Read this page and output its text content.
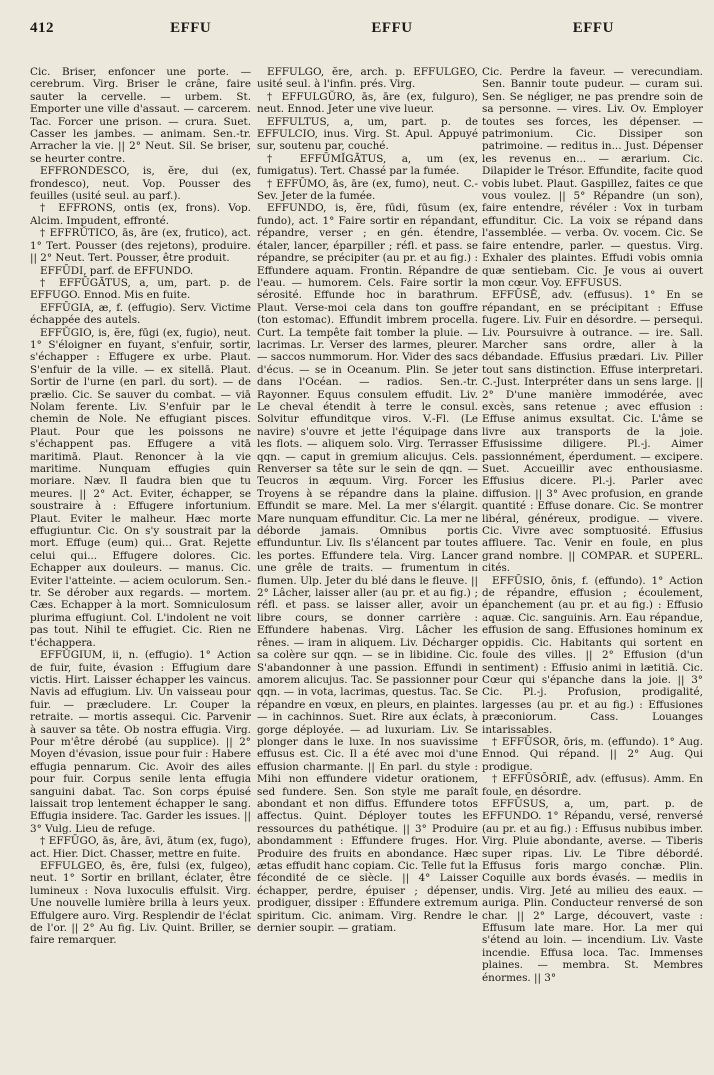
412	EFFU	EFFU	EFFU

Cic. Briser, enfoncer une porte. — cerebrum. Virg. Briser le crâne, faire sauter la cervelle. — urbem. St. Emporter une ville d'assaut. — carcerem. Tac. Forcer une prison. — crura. Suet. Casser les jambes. — animam. Sen.-tr. Arracher la vie. || 2° Neut. Sil. Se briser, se heurter contre.

EFFRONDESCO, is, ĕre, dui (ex, frondesco), neut. Vop. Pousser des feuilles (usité seul. au parf.).

† EFFRONS, ontis (ex, frons). Vop. Alcim. Impudent, effronté.

† EFFRŬTICO, ās, āre (ex, frutico), act. 1° Tert. Pousser (des rejetons), produire. || 2° Neut. Tert. Pousser, être produit.

EFFŪDI, parf. de EFFUNDO.

† EFFŪGĀTUS, a, um, part. p. de EFFUGO. Ennod. Mis en fuite.

EFFŪGIA, æ, f. (effugio). Serv. Victime échappée des autels.

EFFŬGIO, is, ĕre, fūgi (ex, fugio), neut. 1° S'éloigner en fuyant, s'enfuir, sortir, s'échapper : Effugere ex urbe. Plaut. S'enfuir de la ville. — ex sitellā. Plaut. Sortir de l'urne (en parl. du sort). — de prælio. Cic. Se sauver du combat. — viā Nolam ferente. Liv. S'enfuir par le chemin de Nole. Ne effugiant pisces. Plaut. Pour que les poissons ne s'échappent pas. Effugere a vitā maritimā. Plaut. Renoncer à la vie maritime. Nunquam effugies quin moriare. Næv. Il faudra bien que tu meures. || 2° Act. Eviter, échapper, se soustraire à : Effugere infortunium. Plaut. Eviter le malheur. Hæc morte effugiuntur. Cic. On s'y soustrait par la mort. Effuge (eum) qui... Grat. Rejette celui qui... Effugere dolores. Cic. Echapper aux douleurs. — manus. Cic. Eviter l'atteinte. — aciem oculorum. Sen.-tr. Se dérober aux regards. — mortem. Cæs. Echapper à la mort. Somniculosum plurima effugiunt. Col. L'indolent ne voit pas tout. Nihil te effugiet. Cic. Rien ne t'échappera.

EFFŬGIUM, ii, n. (effugio). 1° Action de fuir, fuite, évasion : Effugium dare victis. Hirt. Laisser échapper les vaincus. Navis ad effugium. Liv. Un vaisseau pour fuir. — præcludere. Lr. Couper la retraite. — mortis assequi. Cic. Parvenir à sauver sa tête. Ob nostra effugia. Virg. Pour m'être dérobé (au supplice). || 2° Moyen d'évasion, issue pour fuir : Habere effugia pennarum. Cic. Avoir des ailes pour fuir. Corpus senile lenta effugia sanguini dabat. Tac. Son corps épuisé laissait trop lentement échapper le sang. Effugia insidere. Tac. Garder les issues. || 3° Vulg. Lieu de refuge.

† EFFŪGO, ās, āre, āvi, ātum (ex, fugo), act. Hier. Dict. Chasser, mettre en fuite.

EFFULGEO, ēs, ēre, fulsi (ex, fulgeo), neut. 1° Sortir en brillant, éclater, être lumineux : Nova luxoculis effulsit. Virg. Une nouvelle lumière brilla à leurs yeux. Effulgere auro. Virg. Resplendir de l'éclat de l'or. || 2° Au fig. Liv. Quint. Briller, se faire remarquer.

EFFULGO, ĕre, arch. p. EFFULGEO, usité seul. à l'infin. prés. Virg.

† EFFULGŬRO, ās, āre (ex, fulguro), neut. Ennod. Jeter une vive lueur.

EFFULTUS, a, um, part. p. de EFFULCIO, inus. Virg. St. Apul. Appuyé sur, soutenu par, couché.

† EFFŪMĬGĀTUS, a, um (ex, fumigatus). Tert. Chassé par la fumée.

† EFFŪMO, ās, āre (ex, fumo), neut. C.-Sev. Jeter de la fumée.

EFFUNDO, is, ĕre, fūdi, fūsum (ex, fundo), act. 1° Faire sortir en répandant, répandre, verser ; en gén. étendre, étaler, lancer, éparpiller ; réfl. et pass. se répandre, se précipiter (au pr. et au fig.) : Effundere aquam. Frontin. Répandre de l'eau. — humorem. Cels. Faire sortir la sérosité. Effunde hoc in barathrum. Plaut. Verse-moi cela dans ton gouffre (ton estomac). Effundit imbrem procella. Curt. La tempête fait tomber la pluie. — lacrimas. Lr. Verser des larmes, pleurer. — saccos nummorum. Hor. Vider des sacs d'écus. — se in Oceanum. Plin. Se jeter dans l'Océan. — radios. Sen.-tr. Rayonner. Equus consulem effudit. Liv. Le cheval étendit à terre le consul. Solvitur effunditque viros. V.-Fl. (Le navire) s'ouvre et jette l'équipage dans les flots. — aliquem solo. Virg. Terrasser qqn. — caput in gremium alicujus. Cels. Renverser sa tête sur le sein de qqn. — Teucros in æquum. Virg. Forcer les Troyens à se répandre dans la plaine. Effundit se mare. Mel. La mer s'élargit. Mare nunquam effunditur. Cic. La mer ne déborde jamais. Omnibus portis effunduntur. Liv. Ils s'élancent par toutes les portes. Effundere tela. Virg. Lancer une grêle de traits. — frumentum in flumen. Ulp. Jeter du blé dans le fleuve. || 2° Lâcher, laisser aller (au pr. et au fig.) ; réfl. et pass. se laisser aller, avoir un libre cours, se donner carrière : Effundere habenas. Virg. Lâcher les rênes. — iram in aliquem. Liv. Décharger sa colère sur qqn. — se in libidine. Cic. S'abandonner à une passion. Effundi in amorem alicujus. Tac. Se passionner pour qqn. — in vota, lacrimas, questus. Tac. Se répandre en vœux, en pleurs, en plaintes. — in cachinnos. Suet. Rire aux éclats, à gorge déployée. — ad luxuriam. Liv. Se plonger dans le luxe. In nos suavissime effusus est. Cic. Il a été avec moi d'une effusion charmante. || En parl. du style : Mihi non effundere videtur orationem, sed fundere. Sen. Son style me paraît abondant et non diffus. Effundere totos affectus. Quint. Déployer toutes les ressources du pathétique. || 3° Produire abondamment : Effundere fruges. Hor. Produire des fruits en abondance. Hæc ætas effudit hanc copiam. Cic. Telle fut la fécondité de ce siècle. || 4° Laisser échapper, perdre, épuiser ; dépenser, prodiguer, dissiper : Effundere extremum spiritum. Cic. animam. Virg. Rendre le dernier soupir. — gratiam.

Cic. Perdre la faveur. — verecundiam. Sen. Bannir toute pudeur. — curam sui. Sen. Se négliger, ne pas prendre soin de sa personne. — vires. Liv. Ov. Employer toutes ses forces, les dépenser. — patrimonium. Cic. Dissiper son patrimoine. — reditus in... Just. Dépenser les revenus en... — ærarium. Cic. Dilapider le Trésor. Effundite, facite quod vobis lubet. Plaut. Gaspillez, faites ce que vous voulez. || 5° Répandre (un son), faire entendre, révéler : Vox in turbam effunditur. Cic. La voix se répand dans l'assemblée. — verba. Ov. vocem. Cic. Se faire entendre, parler. — questus. Virg. Exhaler des plaintes. Effudi vobis omnia quæ sentiebam. Cic. Je vous ai ouvert mon cœur. Voy. EFFUSUS.

EFFŪSĒ, adv. (effusus). 1° En se répandant, en se précipitant : Effuse fugere. Liv. Fuir en désordre. — persequi. Liv. Poursuivre à outrance. — ire. Sall. Marcher sans ordre, aller à la débandade. Effusius prædari. Liv. Piller tout sans distinction. Effuse interpretari. C.-Just. Interpréter dans un sens large. || 2° D'une manière immodérée, avec excès, sans retenue ; avec effusion : Effuse animus exsultat. Cic. L'âme se livre aux transports de la joie. Effusissime diligere. Pl.-j. Aimer passionnément, éperdument. — excipere. Suet. Accueillir avec enthousiasme. Effusius dicere. Pl.-j. Parler avec diffusion. || 3° Avec profusion, en grande quantité : Effuse donare. Cic. Se montrer libéral, généreux, prodigue. — vivere. Cic. Vivre avec somptuosité. Effusius affluere. Tac. Venir en foule, en plus grand nombre. || COMPAR. et SUPERL. cités.

EFFŪSIO, ōnis, f. (effundo). 1° Action de répandre, effusion ; écoulement, épanchement (au pr. et au fig.) : Effusio aquæ. Cic. sanguinis. Arn. Eau répandue, effusion de sang. Effusiones hominum ex oppidis. Cic. Habitants qui sortent en foule des villes. || 2° Effusion (d'un sentiment) : Effusio animi in lætitiā. Cic. Cœur qui s'épanche dans la joie. || 3° Cic. Pl.-j. Profusion, prodigalité, largesses (au pr. et au fig.) : Effusiones præconiorum. Cass. Louanges intarissables.

† EFFŪSOR, ōris, m. (effundo). 1° Aug. Ennod. Qui répand. || 2° Aug. Qui prodigue.

† EFFŪSŌRIĒ, adv. (effusus). Amm. En foule, en désordre.

EFFŪSUS, a, um, part. p. de EFFUNDO. 1° Répandu, versé, renversé (au pr. et au fig.) : Effusus nubibus imber. Virg. Pluie abondante, averse. — Tiberis super ripas. Liv. Le Tibre débordé. Effusus foris margo conchæ. Plin. Coquille aux bords évasés. — mediis in undis. Virg. Jeté au milieu des eaux. — auriga. Plin. Conducteur renversé de son char. || 2° Large, découvert, vaste : Effusum late mare. Hor. La mer qui s'étend au loin. — incendium. Liv. Vaste incendie. Effusa loca. Tac. Immenses plaines. — membra. St. Membres énormes. || 3°
